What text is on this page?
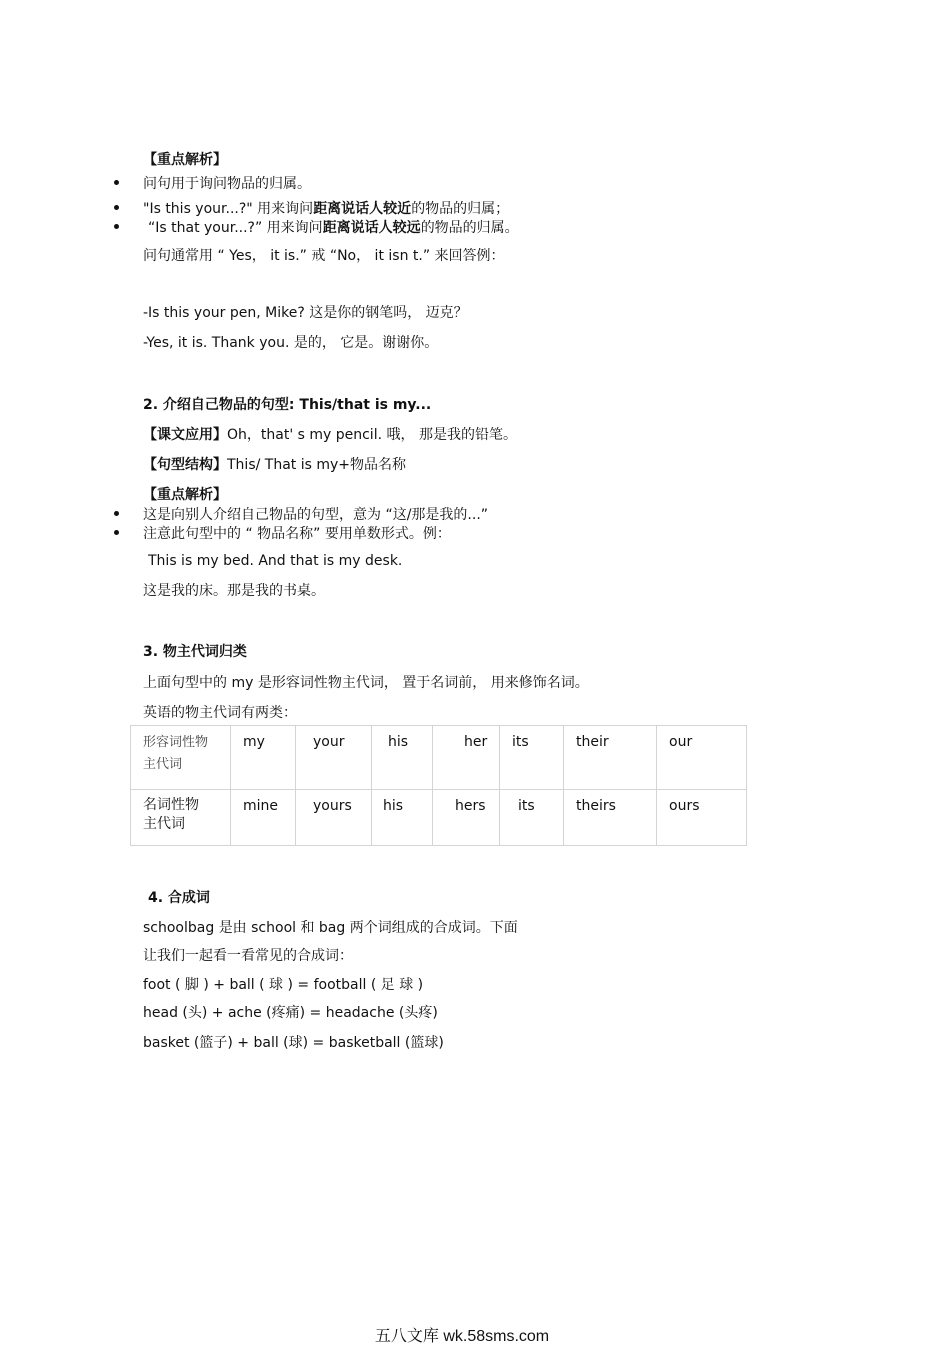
【重点解析】
问句用于询问物品的归属。
"Is this your...?" 用来询问距离说话人较近的物品的归属；
“Is that your...?” 用来询问距离说话人较远的物品的归属。
问句通常用 “ Yes， it is.” 戒 “No， it isn t.” 来回答例：
-Is this your pen, Mike? 这是你的钢笔吗， 迈克？
-Yes, it is. Thank you. 是的， 它是。谢谢你。
2. 介绍自己物品的句型: This/that is my...
【课文应用】Oh，that' s my pencil. 哦， 那是我的铅笔。
【句型结构】This/ That is my+物品名称
【重点解析】
这是向别人介绍自己物品的句型，意为 “这/那是我的...”
注意此句型中的 “ 物品名称” 要用单数形式。例：
This is my bed. And that is my desk.
这是我的床。那是我的书桌。
3. 物主代词归类
上面句型中的 my 是形容词性物主代词， 置于名词前， 用来修饰名词。
英语的物主代词有两类：
形容词性物
主代词	my	your	his	her	its	their	our

名词性物
主代词	mine	yours	his	hers	its	theirs	ours
4. 合成词
schoolbag 是由 school 和 bag 两个词组成的合成词。下面
让我们一起看一看常见的合成词：
foot ( 脚 ) + ball ( 球 ) = football ( 足 球 )
head (头) + ache (疼痛) = headache (头疼)
basket (篮子) + ball (球) = basketball (篮球)
五八文库 wk.58sms.com
